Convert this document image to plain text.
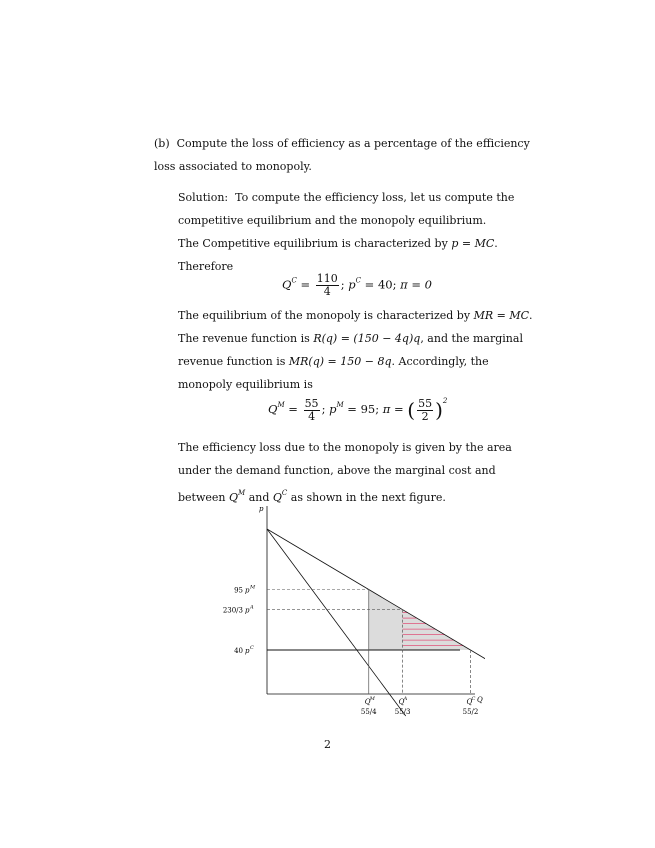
(b) Compute the loss of efficiency as a percentage of the efficiency loss associated to monopoly.
Solution: To compute the efficiency loss, let us compute the competitive equilibrium and the monopoly equilibrium.
The Competitive equilibrium is characterized by p = MC. Therefore
$Q^C = \frac{110}{4}$ ; $p^C = 40$; π = 0
The equilibrium of the monopoly is characterized by MR = MC. The revenue function is R(q) = (150 − 4q)q, and the marginal revenue function is MR(q) = 150 − 8q. Accordingly, the monopoly equilibrium is
$Q^M = \frac{55}{4}$ ; $p^M = 95$; π = ( $\frac{55}{2} )^2$
The efficiency loss due to the monopoly is given by the area under the demand function, above the marginal cost and between $Q^M$ and $Q^C$ as shown in the next figure.
p
Q
95 p M
230/3 p A
40 p C
Q M
55/4
Q A
55/3
Q C
55/2
2
